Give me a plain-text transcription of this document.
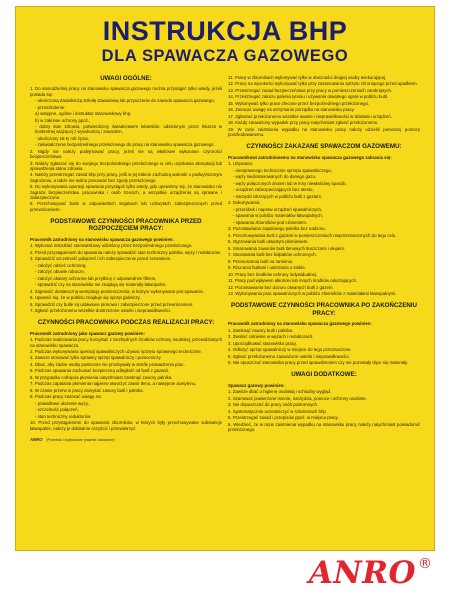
INSTRUKCJA BHP
DLA SPAWACZA GAZOWEGO
UWAGI OGÓLNE:
1. Do samodzielnej pracy na stanowisku spawacza gazowego można przystąpić tylko wtedy, jeżeli posiada się:
- ukończoną Zasadniczą Szkołę Zawodową lub przyuczenie do zawodu spawacza gazowego,
- przeszkolenie:
a) wstępne, ogólne i instruktaż stanowiskowy bhp,
b) w zakresie ochrony ppoż.,
- dobry stan zdrowia, potwierdzony świadectwem lekarskim, udzielonym przez lekarza w konkretnej wiążącej z wysokością i zawodem,
- ukończony 18-ty rok życia,
- zaświadczenie bezpośredniego przełożonego do pracy na stanowisku spawacza gazowego.
2. Nigdy nie należy podejmować pracy, jeżeli nie są właściwie wykonane czynności bezpieczeństwa.
3. Należy zgłaszać się do swojego bezpośredniego przełożonego w celu uzyskania akceptacji lub sprawdzenia stanu zdrowia.
4. Należy przestrzegać zasad bhp przy pracy, jeśli w jej trakcie zachodzą warunki o podwyższonym zagrożeniu, a także nie wolno pracować bez zgody przełożonego.
5. Do wykonywania operacji spawania przystąpić tylko wtedy, gdy upewnimy się, że stanowisko nie zagraża bezpieczeństwu pracownika i osób trzecich, a wszystkie urządzenia są sprawne i zabezpieczone.
6. Przechowywać butle w odpowiednich stojakach lub uchwytach zabezpieczonych przed przewróceniem.
PODSTAWOWE CZYNNOŚCI PRACOWNIKA PRZED ROZPOCZĘCIEM PRACY:
Pracownik zatrudniony na stanowisku spawacza gazowego powinien:
1. Wykonać instruktaż stanowiskowy udzielony przez bezpośredniego przełożonego.
2. Przed przystąpieniem do spawania należy sprawdzić stan techniczny palnika, węży i reduktorów.
3. Sprawdzić szczelność połączeń i ich zabezpieczenie przed zerwaniem.
- założyć odzież ochronną,
- założyć obuwie robocze,
- założyć okulary ochronne lub przyłbicę z odpowiednim filtrem,
- sprawdzić czy na stanowisku nie znajdują się materiały łatwopalne.
4. Zapewnić dostateczną wentylację pomieszczenia, w którym wykonywane jest spawanie.
5. Upewnić się, że w pobliżu znajduje się sprzęt gaśniczy.
6. Sprawdzić czy butle są ustawione pionowo i zabezpieczone przed przewróceniem.
7. Zgłosić przełożonemu wszelkie dostrzeżone usterki i nieprawidłowości.
CZYNNOŚCI PRACOWNIKA PODCZAS REALIZACJI PRACY:
Pracownik zatrudniony jako spawacz gazowy powinien:
1. Podczas realizowania pracy korzystać z niezbędnych środków ochrony osobistej, przewidzianych na stanowisku spawacza.
2. Podczas wykonywania operacji spawalniczych używać sprzętu sprawnego technicznie.
3. Zawsze stosować tylko sprawny sprzęt spawalniczy i pomocniczy.
4. Dbać, aby żadne osoby postronne nie przebywały w strefie prowadzenia prac.
5. Podczas spawania zachować bezpieczną odległość od butli z gazami.
6. W przypadku cofnięcia płomienia natychmiast zamknąć zawory palnika.
7. Podczas zapalania płomienia najpierw otworzyć zawór tlenu, a następnie acetylenu.
8. W czasie przerw w pracy zamykać zawory butli i palnika.
9. Podczas pracy zwracać uwagę na:
- prawidłowe ułożenie węży,
- szczelność połączeń,
- stan techniczny reduktorów.
10. Przed przystąpieniem do spawania zbiorników, w których były przechowywane substancje łatwopalne, należy je dokładnie oczyścić i przewietrzyć.
11. Pracę w zbiornikach wykonywać tylko w obecności drugiej osoby asekurującej.
12. Pracę na wysokości wykonywać tylko przy zastosowaniu sprzętu chroniącego przed upadkiem.
13. Przestrzegać zasad bezpieczeństwa przy pracy w pomieszczeniach zamkniętych.
14. Przestrzegać zakazu palenia tytoniu i używania otwartego ognia w pobliżu butli.
15. Wykonywać tylko prace zlecone przez bezpośredniego przełożonego.
16. Zwracać uwagę na utrzymanie porządku na stanowisku pracy.
17. Zgłaszać przełożonemu wszelkie awarie i nieprawidłowości w działaniu urządzeń.
18. Każdy zauważony wypadek przy pracy natychmiast zgłosić przełożonemu.
19. W razie zaistnienia wypadku na stanowisku pracy należy udzielić pierwszej pomocy poszkodowanemu.
CZYNNOŚCI ZAKAZANE SPAWACZOM GAZOWEMU:
Pracownikowi zatrudnionemu na stanowisku spawacza gazowego zabrania się:
1. Używania:
- niesprawnego technicznie sprzętu spawalniczego,
- węży niedostosowanych do danego gazu,
- węży połączonych drutem lub w inny niewłaściwy sposób,
- urządzeń zabezpieczających bez atestu,
- narzędzi iskrzących w pobliżu butli z gazami.
2. Dokonywania:
- przeróbek i napraw urządzeń spawalniczych,
- spawania w pobliżu materiałów łatwopalnych,
- spawania zbiorników pod ciśnieniem.
3. Pozostawiania zapalonego palnika bez nadzoru.
4. Przechowywania butli z gazami w pomieszczeniach nieprzeznaczonych do tego celu.
5. Ogrzewania butli otwartym płomieniem.
6. Smarowania zaworów butli tlenowych tłuszczami i olejami.
7. Stosowania butli bez kołpaków ochronnych.
8. Przenoszenia butli na ramieniu.
9. Rzucania butlami i uderzania o siebie.
10. Pracy bez środków ochrony indywidualnej.
11. Pracy pod wpływem alkoholu lub innych środków odurzających.
12. Pozostawiania bez dozoru otwartych butli z gazem.
13. Wykonywania prac spawalniczych w pobliżu zbiorników z materiałami łatwopalnymi.
PODSTAWOWE CZYNNOŚCI PRACOWNIKA PO ZAKOŃCZENIU PRACY:
Pracownik zatrudniony na stanowisku spawacza gazowego powinien:
1. Zamknąć zawory butli i palnika.
2. Zwolnić ciśnienie w wężach i reduktorach.
3. Uporządkować stanowisko pracy.
4. Odłożyć sprzęt spawalniczy w miejsce do tego przeznaczone.
5. Zgłosić przełożonemu zauważone usterki i nieprawidłowości.
6. Nie opuszczać stanowiska pracy przed sprawdzeniem czy nie pozostały tlące się materiały.
UWAGI DODATKOWE:
Spawacz gazowy powinien:
1. Zawsze dbać o higienę osobistą i schludny wygląd.
2. Szanować powierzone mienie, narzędzia, pomoce i ochrony osobiste.
3. Nie dopuszczać do pracy osób postronnych.
4. Systematycznie uczestniczyć w szkoleniach bhp.
5. Przestrzegać zasad i przepisów ppoż. w miejscu pracy.
6. Wiedzieć, że w razie zaistnienia wypadku na stanowisku pracy należy natychmiast powiadomić przełożonego.
ANRO (Przedruk i kopiowanie prawnie zakazione)
ANRO ®
